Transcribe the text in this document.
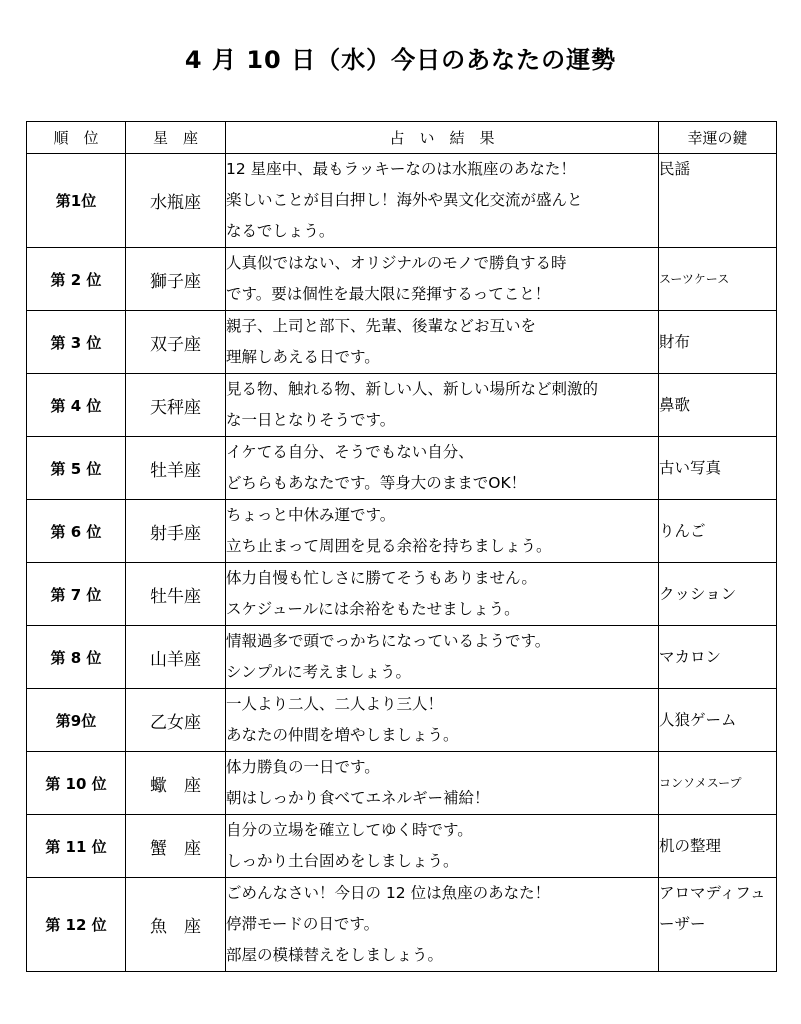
4 月 10 日（水）今日のあなたの運勢
順　位	星　座	占　い　結　果	幸運の鍵
第1位	水瓶座	12 星座中、最もラッキーなのは水瓶座のあなた！
楽しいことが目白押し！海外や異文化交流が盛んと
なるでしょう。	民謡
第 2 位	獅子座	人真似ではない、オリジナルのモノで勝負する時
です。要は個性を最大限に発揮するってこと！	スーツケース
第 3 位	双子座	親子、上司と部下、先輩、後輩などお互いを
理解しあえる日です。	財布
第 4 位	天秤座	見る物、触れる物、新しい人、新しい場所など刺激的
な一日となりそうです。	鼻歌
第 5 位	牡羊座	イケてる自分、そうでもない自分、
どちらもあなたです。等身大のままでOK！	古い写真
第 6 位	射手座	ちょっと中休み運です。
立ち止まって周囲を見る余裕を持ちましょう。	りんご
第 7 位	牡牛座	体力自慢も忙しさに勝てそうもありません。
スケジュールには余裕をもたせましょう。	クッション
第 8 位	山羊座	情報過多で頭でっかちになっているようです。
シンプルに考えましょう。	マカロン
第9位	乙女座	一人より二人、二人より三人！
あなたの仲間を増やしましょう。	人狼ゲーム
第 10 位	蠍　座	体力勝負の一日です。
朝はしっかり食べてエネルギー補給！	コンソメスープ
第 11 位	蟹　座	自分の立場を確立してゆく時です。
しっかり土台固めをしましょう。	机の整理
第 12 位	魚　座	ごめんなさい！今日の 12 位は魚座のあなた！
停滞モードの日です。
部屋の模様替えをしましょう。	アロマディフューザー
